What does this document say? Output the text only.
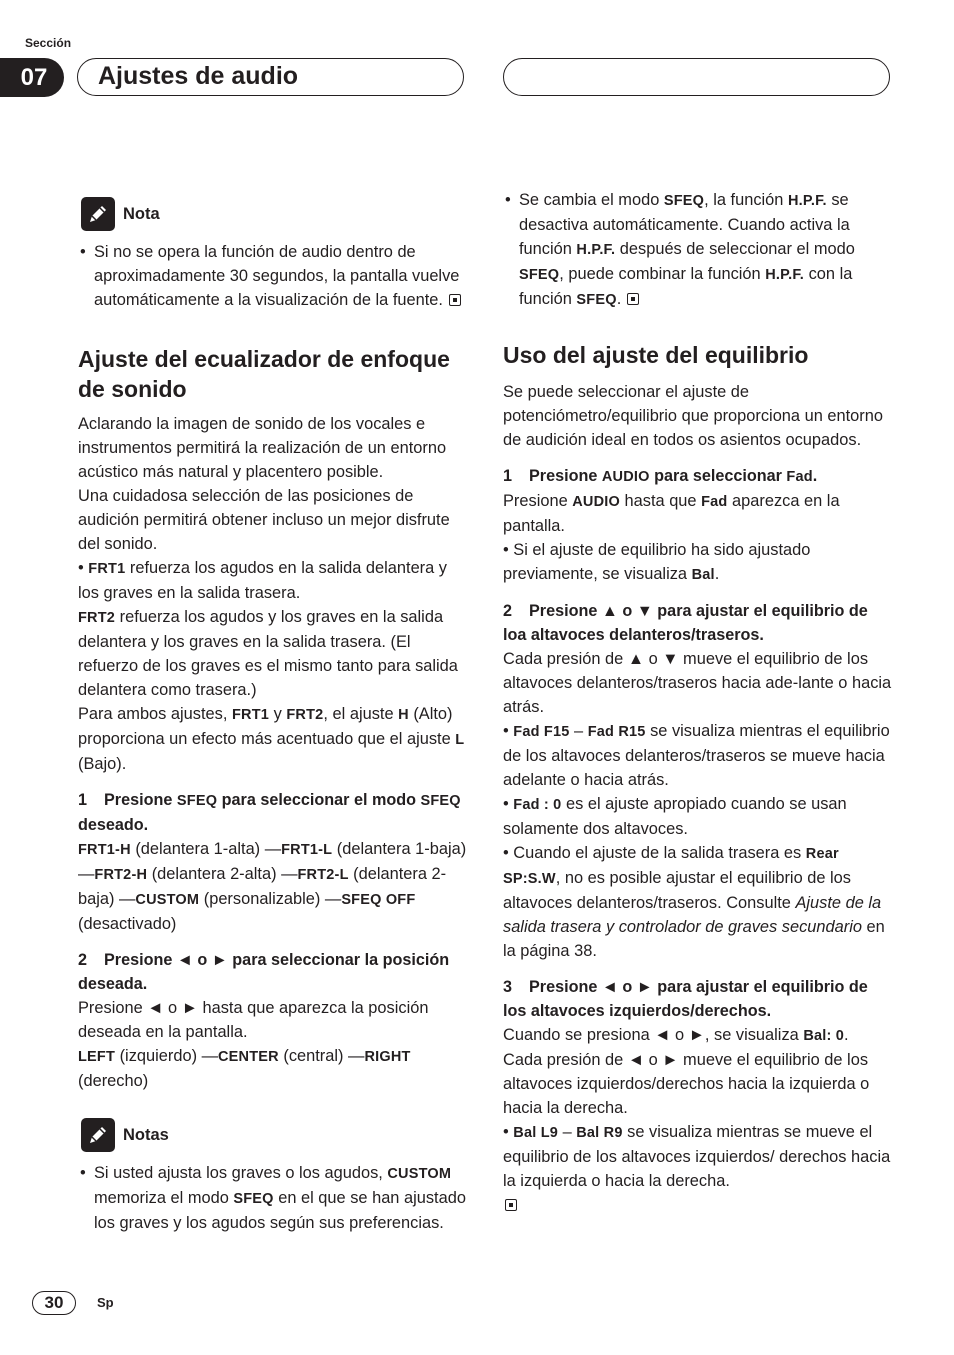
Sección
07	Ajustes de audio
Nota
• Si no se opera la función de audio dentro de aproximadamente 30 segundos, la pantalla vuelve automáticamente a la visualización de la fuente.
Ajuste del ecualizador de enfoque de sonido

Aclarando la imagen de sonido de los vocales e instrumentos permitirá la realización de un entorno acústico más natural y placentero posible.

Una cuidadosa selección de las posiciones de audición permitirá obtener incluso un mejor disfrute del sonido.

• FRT1 refuerza los agudos en la salida delantera y los graves en la salida trasera.

FRT2 refuerza los agudos y los graves en la salida delantera y los graves en la salida trasera. (El refuerzo de los graves es el mismo tanto para salida delantera como trasera.)

Para ambos ajustes, FRT1 y FRT2, el ajuste H (Alto) proporciona un efecto más acentuado que el ajuste L (Bajo).

1 Presione SFEQ para seleccionar el modo SFEQ deseado.

FRT1-H (delantera 1-alta) —FRT1-L (delantera 1-baja) —FRT2-H (delantera 2-alta) —FRT2-L (delantera 2-baja) —CUSTOM (personalizable) —SFEQ OFF (desactivado)

2 Presione ◄ o ► para seleccionar la posición deseada.

Presione ◄ o ► hasta que aparezca la posición deseada en la pantalla.

LEFT (izquierdo) —CENTER (central) —RIGHT (derecho)

Notas
• Si usted ajusta los graves o los agudos, CUSTOM memoriza el modo SFEQ en el que se han ajustado los graves y los agudos según sus preferencias.
• Se cambia el modo SFEQ, la función H.P.F. se desactiva automáticamente. Cuando activa la función H.P.F. después de seleccionar el modo SFEQ, puede combinar la función H.P.F. con la función SFEQ.
Uso del ajuste del equilibrio

Se puede seleccionar el ajuste de potenciómetro/equilibrio que proporciona un entorno de audición ideal en todos os asientos ocupados.

1 Presione AUDIO para seleccionar Fad.

Presione AUDIO hasta que Fad aparezca en la pantalla.

• Si el ajuste de equilibrio ha sido ajustado previamente, se visualiza Bal.

2 Presione ▲ o ▼ para ajustar el equilibrio de loa altavoces delanteros/traseros.

Cada presión de ▲ o ▼ mueve el equilibrio de los altavoces delanteros/traseros hacia ade-lante o hacia atrás.

• Fad F15 – Fad R15 se visualiza mientras el equilibrio de los altavoces delanteros/traseros se mueve hacia adelante o hacia atrás.

• Fad : 0 es el ajuste apropiado cuando se usan solamente dos altavoces.

• Cuando el ajuste de la salida trasera es Rear SP:S.W, no es posible ajustar el equilibrio de los altavoces delanteros/traseros. Consulte Ajuste de la salida trasera y controlador de graves secundario en la página 38.

3 Presione ◄ o ► para ajustar el equilibrio de los altavoces izquierdos/derechos.

Cuando se presiona ◄ o ►, se visualiza Bal: 0.

Cada presión de ◄ o ► mueve el equilibrio de los altavoces izquierdos/derechos hacia la izquierda o hacia la derecha.

• Bal L9 – Bal R9 se visualiza mientras se mueve el equilibrio de los altavoces izquierdos/ derechos hacia la izquierda o hacia la derecha.

30	Sp
